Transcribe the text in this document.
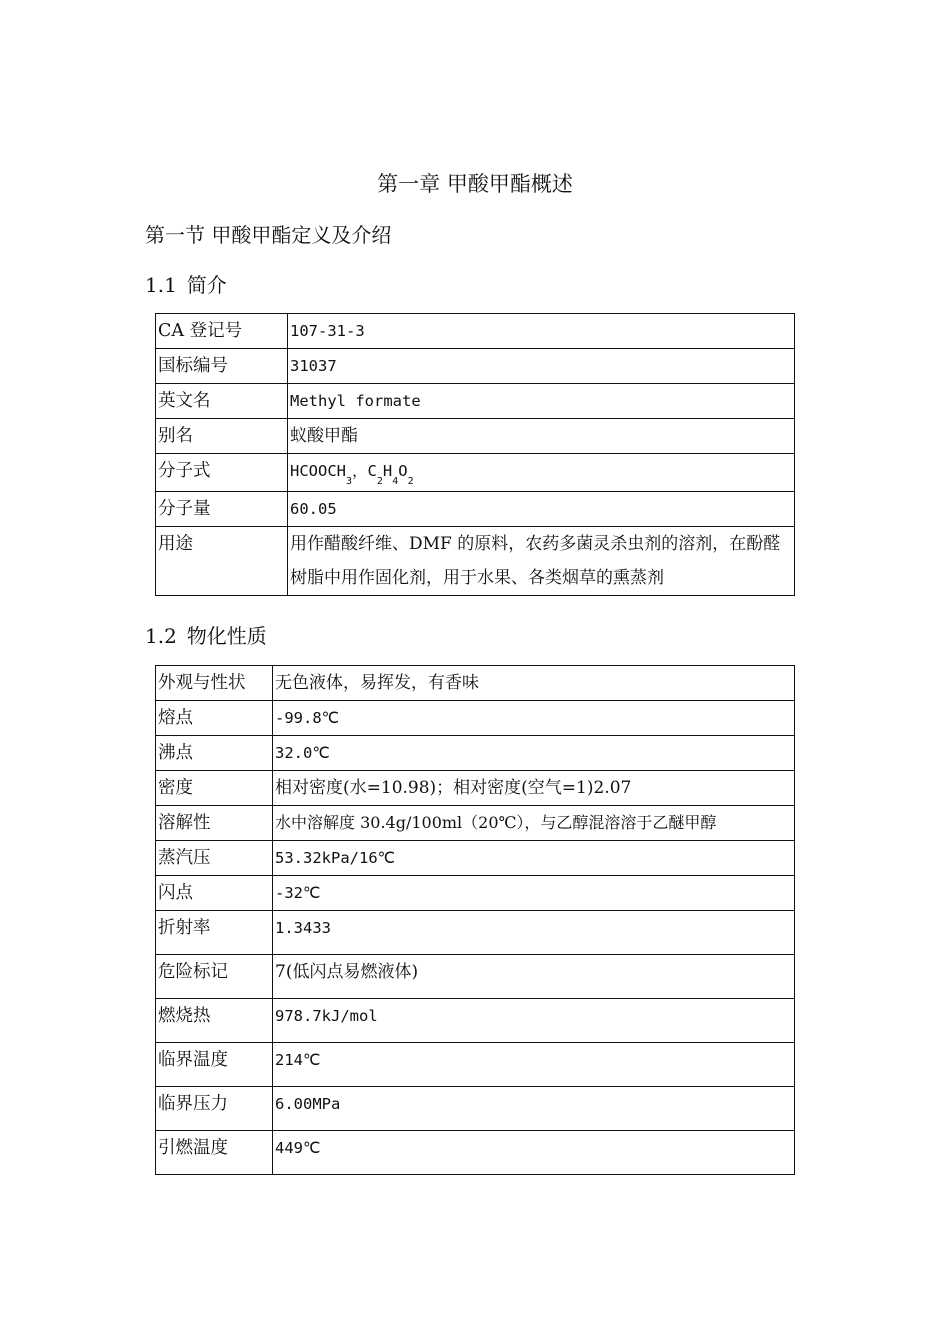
第一章 甲酸甲酯概述
第一节 甲酸甲酯定义及介绍
1.1 简介
CA 登记号	107-31-3
国标编号	31037
英文名	Methyl formate
别名	蚁酸甲酯
分子式	$HCOOCH_3$，$C_2H_4O_2$
分子量	60.05
用途	用作醋酸纤维、DMF 的原料，农药多菌灵杀虫剂的溶剂，在酚醛树脂中用作固化剂，用于水果、各类烟草的熏蒸剂
1.2 物化性质
外观与性状	无色液体，易挥发，有香味
熔点	-99.8℃
沸点	32.0℃
密度	相对密度(水=10.98)；相对密度(空气=1)2.07
溶解性	水中溶解度 30.4g/100ml（20℃），与乙醇混溶溶于乙醚甲醇
蒸汽压	53.32kPa/16℃
闪点	-32℃
折射率	1.3433
危险标记	7(低闪点易燃液体)
燃烧热	978.7kJ/mol
临界温度	214℃
临界压力	6.00MPa
引燃温度	449℃
